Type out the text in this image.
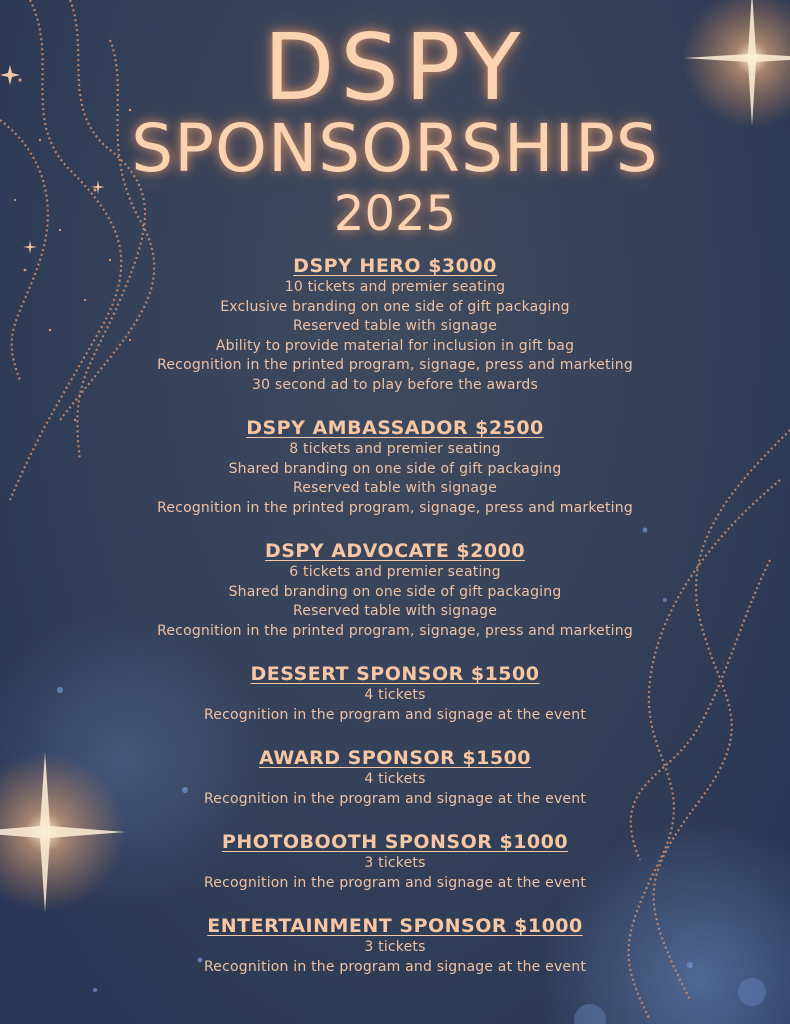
DSPY
SPONSORSHIPS
2025
DSPY HERO $3000
10 tickets and premier seating
Exclusive branding on one side of gift packaging
Reserved table with signage
Ability to provide material for inclusion in gift bag
Recognition in the printed program, signage, press and marketing
30 second ad to play before the awards
DSPY AMBASSADOR $2500
8 tickets and premier seating
Shared branding on one side of gift packaging
Reserved table with signage
Recognition in the printed program, signage, press and marketing
DSPY ADVOCATE $2000
6 tickets and premier seating
Shared branding on one side of gift packaging
Reserved table with signage
Recognition in the printed program, signage, press and marketing
DESSERT SPONSOR $1500
4 tickets
Recognition in the program and signage at the event
AWARD SPONSOR $1500
4 tickets
Recognition in the program and signage at the event
PHOTOBOOTH SPONSOR $1000
3 tickets
Recognition in the program and signage at the event
ENTERTAINMENT SPONSOR $1000
3 tickets
Recognition in the program and signage at the event
